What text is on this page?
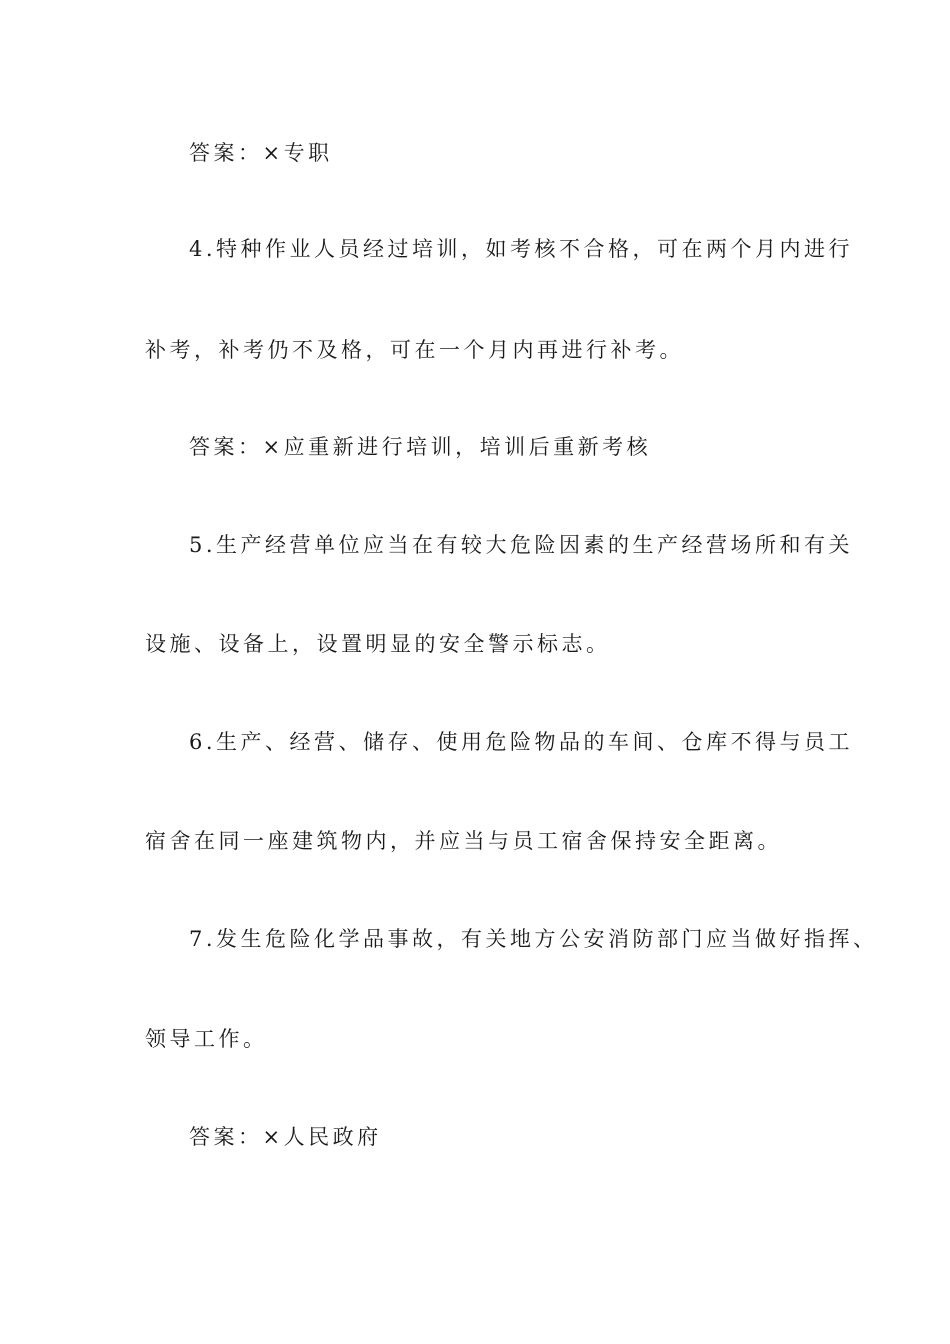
答案：×专职
4.特种作业人员经过培训，如考核不合格，可在两个月内进行
补考，补考仍不及格，可在一个月内再进行补考。
答案：×应重新进行培训，培训后重新考核
5.生产经营单位应当在有较大危险因素的生产经营场所和有关
设施、设备上，设置明显的安全警示标志。
6.生产、经营、储存、使用危险物品的车间、仓库不得与员工
宿舍在同一座建筑物内，并应当与员工宿舍保持安全距离。
7.发生危险化学品事故，有关地方公安消防部门应当做好指挥、
领导工作。
答案：×人民政府
